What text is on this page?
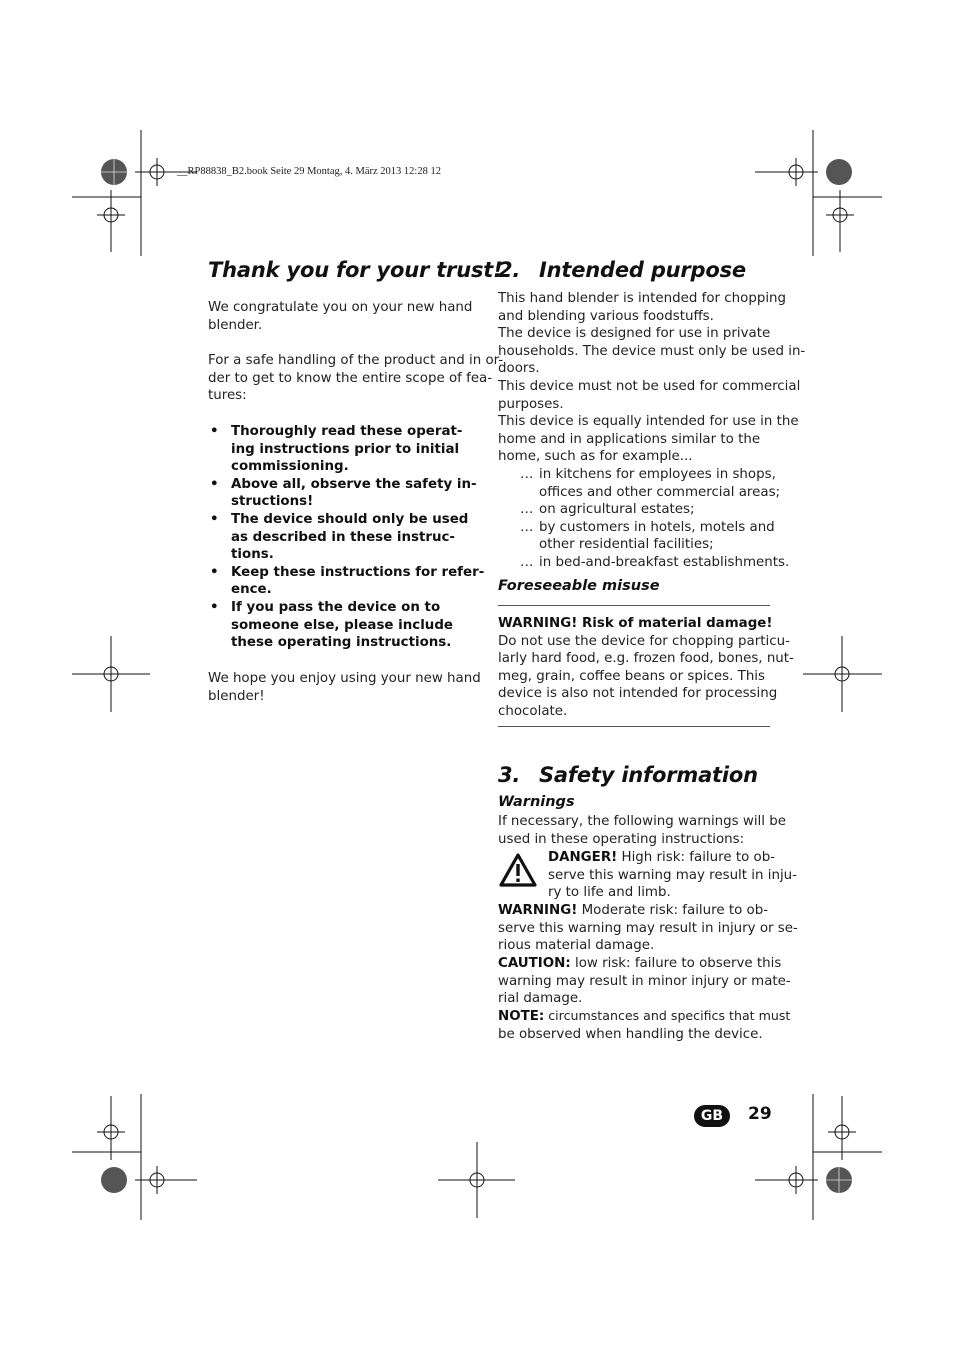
__RP88838_B2.book Seite 29 Montag, 4. März 2013 12:28 12
Thank you for your trust!

We congratulate you on your new hand

blender.

For a safe handling of the product and in or-

der to get to know the entire scope of fea-

tures:

• Thoroughly read these operat-
ing instructions prior to initial
commissioning.
• Above all, observe the safety in-
structions!
• The device should only be used
as described in these instruc-
tions.
• Keep these instructions for refer-
ence.
• If you pass the device on to
someone else, please include
these operating instructions.

We hope you enjoy using your new hand

blender!

2. Intended purpose

This hand blender is intended for chopping

and blending various foodstuffs.

The device is designed for use in private

households. The device must only be used in-

doors.

This device must not be used for commercial

purposes.

This device is equally intended for use in the

home and in applications similar to the

home, such as for example...

… in kitchens for employees in shops,
offices and other commercial areas;
… on agricultural estates;
… by customers in hotels, motels and
other residential facilities;
… in bed-and-breakfast establishments.
Foreseeable misuse

WARNING! Risk of material damage!

Do not use the device for chopping particu-

larly hard food, e.g. frozen food, bones, nut-

meg, grain, coffee beans or spices. This

device is also not intended for processing

chocolate.

3. Safety information
Warnings

If necessary, the following warnings will be

used in these operating instructions:

DANGER! High risk: failure to ob-

serve this warning may result in inju-

ry to life and limb.

WARNING! Moderate risk: failure to ob-

serve this warning may result in injury or se-

rious material damage.

CAUTION: low risk: failure to observe this

warning may result in minor injury or mate-

rial damage.

NOTE: circumstances and specifics that must

be observed when handling the device.

GB	29
